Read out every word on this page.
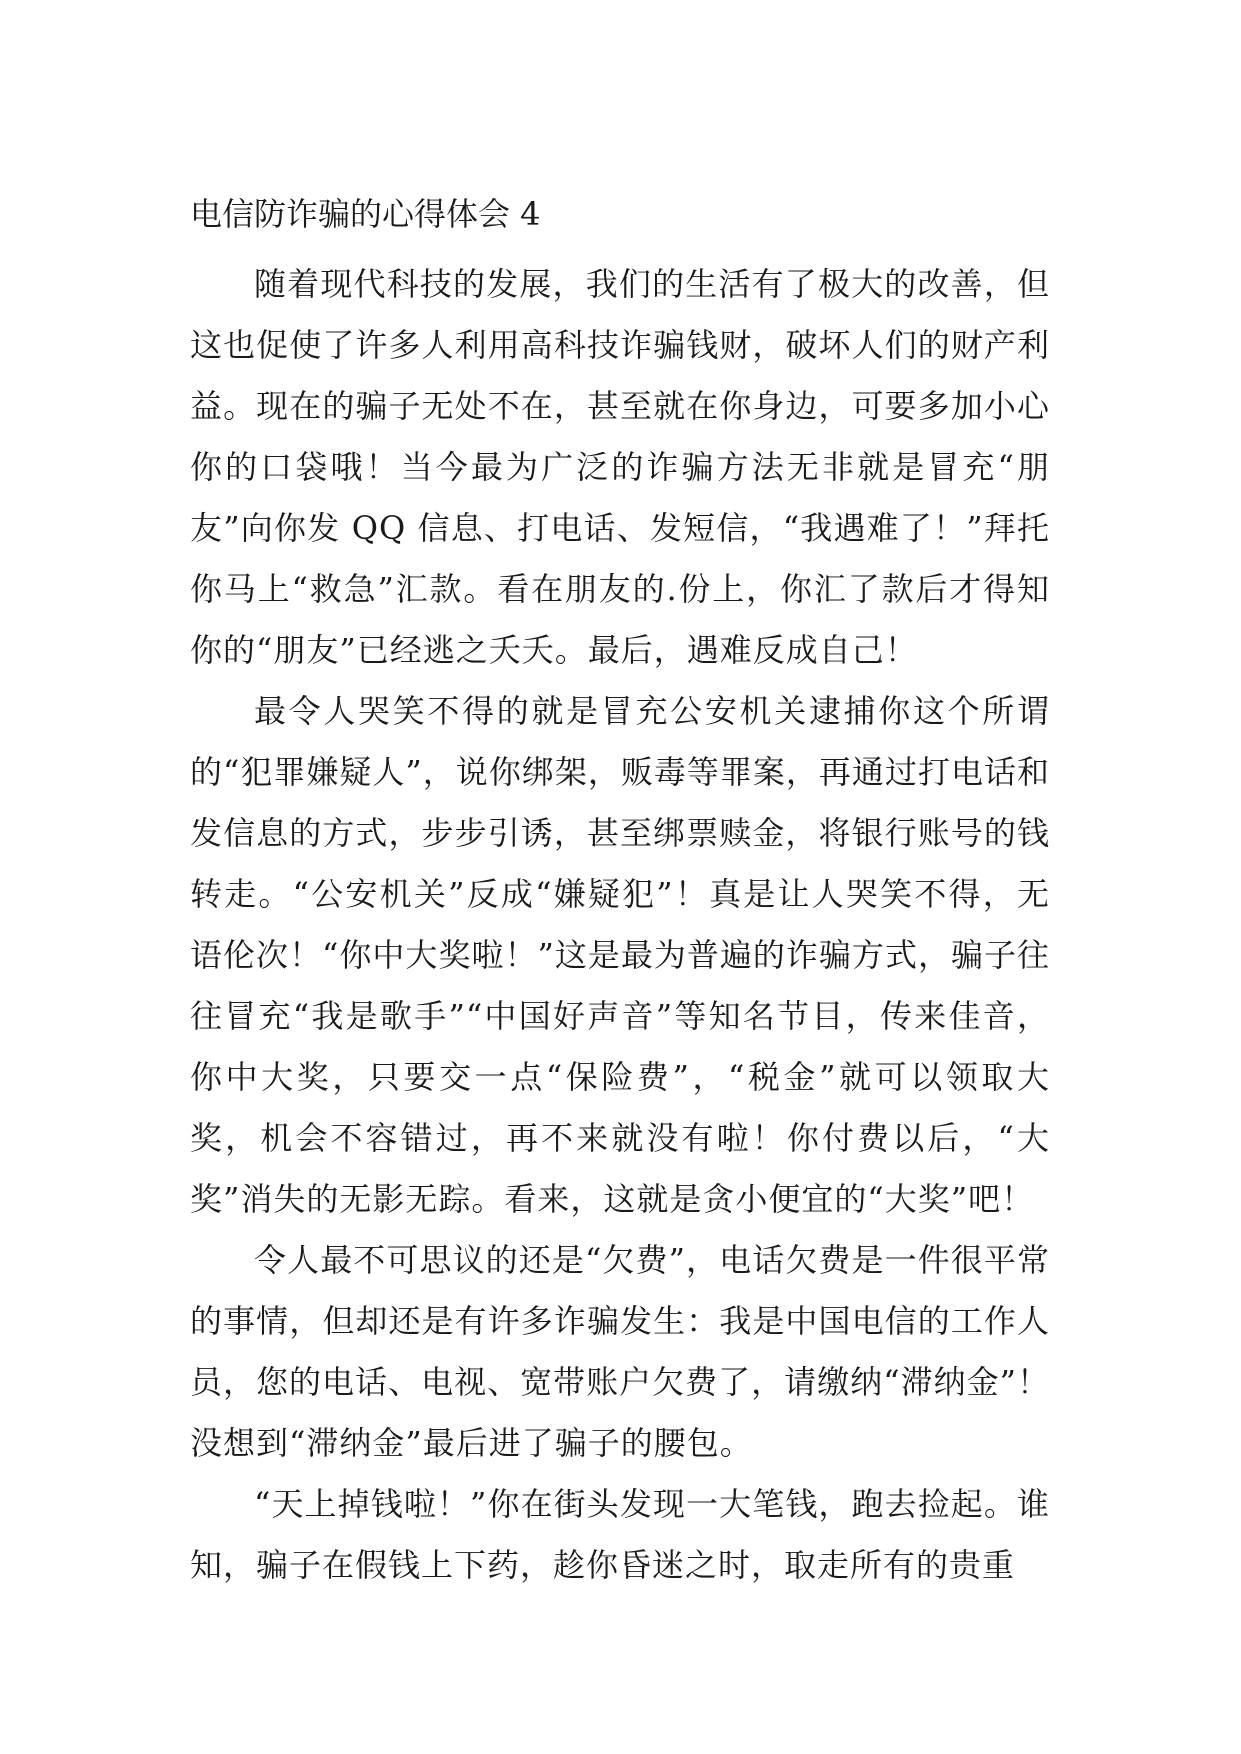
电信防诈骗的心得体会 4

随着现代科技的发展，我们的生活有了极大的改善，但这也促使了许多人利用高科技诈骗钱财，破坏人们的财产利益。现在的骗子无处不在，甚至就在你身边，可要多加小心你的口袋哦！当今最为广泛的诈骗方法无非就是冒充“朋友”向你发 QQ 信息、打电话、发短信，“我遇难了！”拜托你马上“救急”汇款。看在朋友的.份上，你汇了款后才得知你的“朋友”已经逃之夭夭。最后，遇难反成自己！

最令人哭笑不得的就是冒充公安机关逮捕你这个所谓的“犯罪嫌疑人”，说你绑架，贩毒等罪案，再通过打电话和发信息的方式，步步引诱，甚至绑票赎金，将银行账号的钱转走。“公安机关”反成“嫌疑犯”！真是让人哭笑不得，无语伦次！“你中大奖啦！”这是最为普遍的诈骗方式，骗子往往冒充“我是歌手”“中国好声音”等知名节目，传来佳音，你中大奖，只要交一点“保险费”，“税金”就可以领取大奖，机会不容错过，再不来就没有啦！你付费以后，“大奖”消失的无影无踪。看来，这就是贪小便宜的“大奖”吧！

令人最不可思议的还是“欠费”，电话欠费是一件很平常的事情，但却还是有许多诈骗发生：我是中国电信的工作人员，您的电话、电视、宽带账户欠费了，请缴纳“滞纳金”！没想到“滞纳金”最后进了骗子的腰包。

“天上掉钱啦！”你在街头发现一大笔钱，跑去捡起。谁知，骗子在假钱上下药，趁你昏迷之时，取走所有的贵重
